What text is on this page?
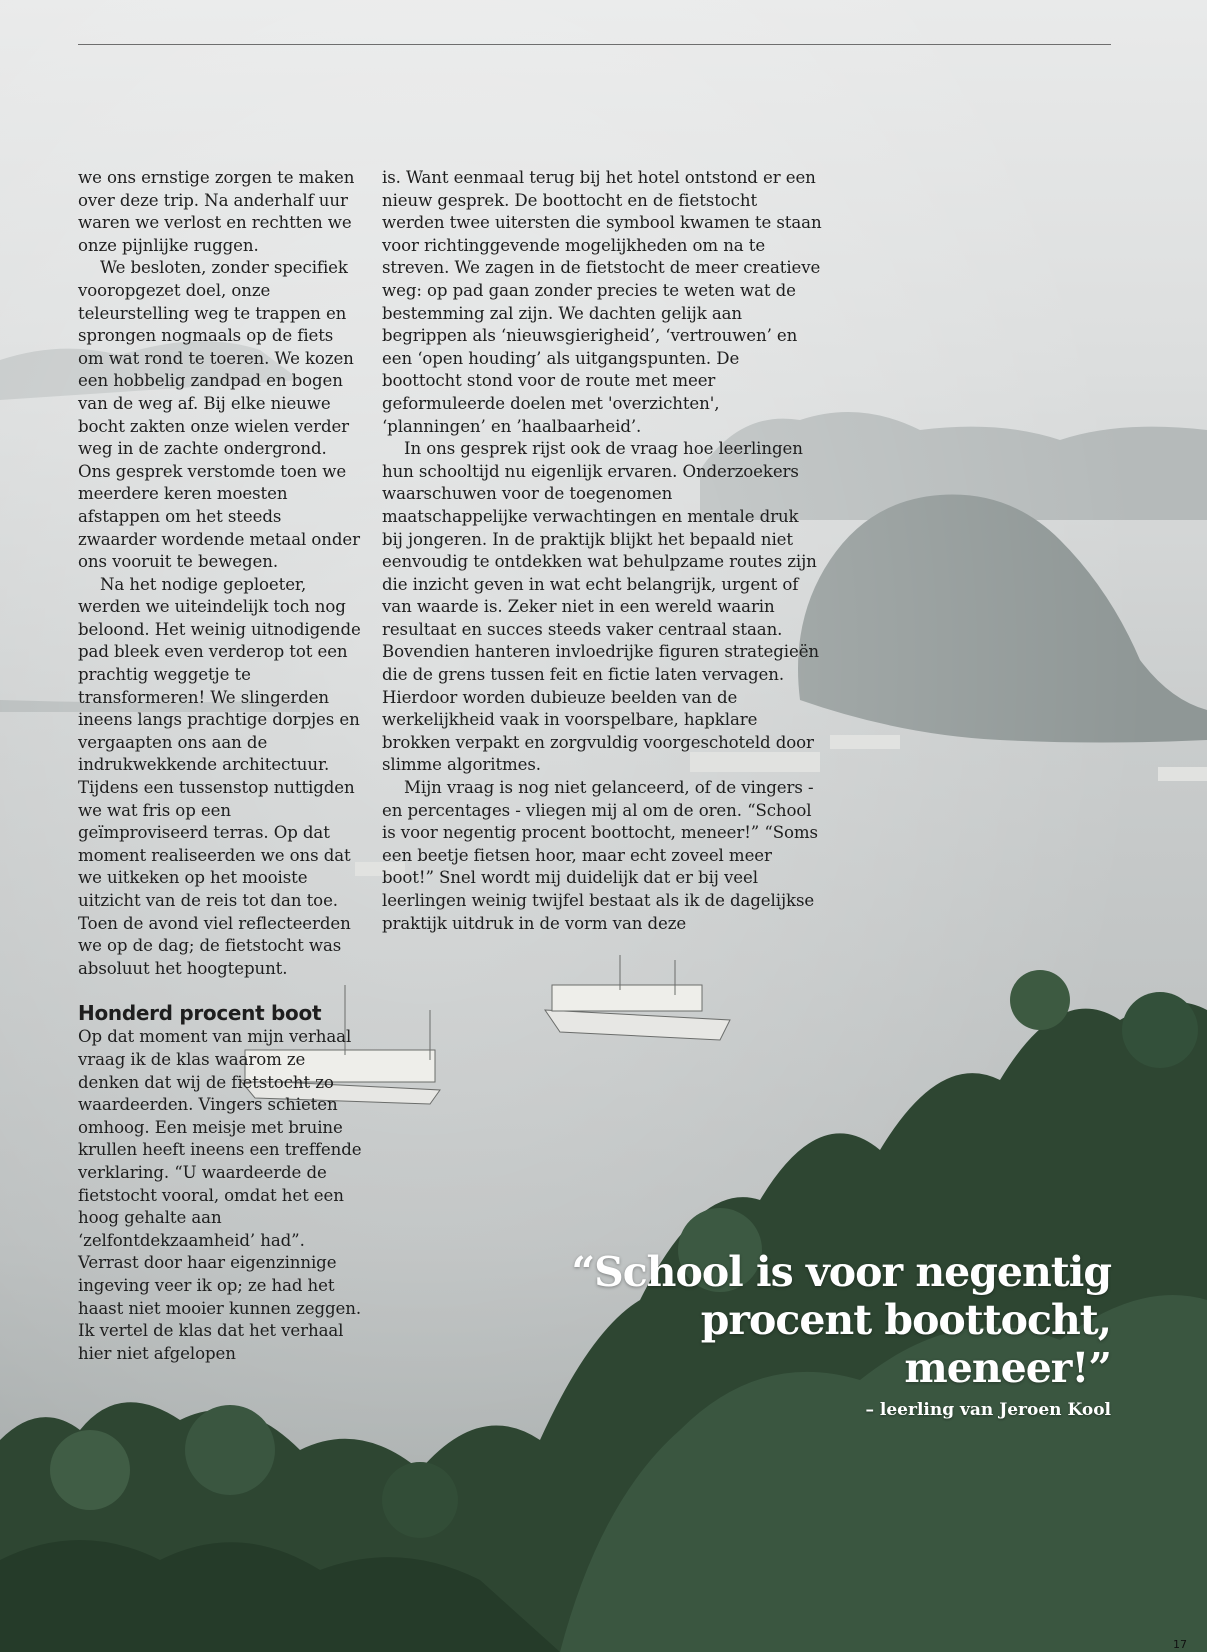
we ons ernstige zorgen te maken over deze trip. Na anderhalf uur waren we verlost en rechtten we onze pijnlijke ruggen.

We besloten, zonder specifiek vooropgezet doel, onze teleurstelling weg te trappen en sprongen nogmaals op de fiets om wat rond te toeren. We kozen een hobbelig zandpad en bogen van de weg af. Bij elke nieuwe bocht zakten onze wielen verder weg in de zachte ondergrond. Ons gesprek verstomde toen we meerdere keren moesten afstappen om het steeds zwaarder wordende metaal onder ons vooruit te bewegen.

Na het nodige geploeter, werden we uiteindelijk toch nog beloond. Het weinig uitnodigende pad bleek even verderop tot een prachtig weggetje te transformeren! We slingerden ineens langs prachtige dorpjes en vergaapten ons aan de indrukwekkende architectuur. Tijdens een tussenstop nuttigden we wat fris op een geïmproviseerd terras. Op dat moment realiseerden we ons dat we uitkeken op het mooiste uitzicht van de reis tot dan toe. Toen de avond viel reflecteerden we op de dag; de fietstocht was absoluut het hoogtepunt.

Honderd procent boot

Op dat moment van mijn verhaal vraag ik de klas waarom ze denken dat wij de fietstocht zo waardeerden. Vingers schieten omhoog. Een meisje met bruine krullen heeft ineens een treffende verklaring. “U waardeerde de fietstocht vooral, omdat het een hoog gehalte aan ‘zelfontdekzaamheid’ had”. Verrast door haar eigenzinnige ingeving veer ik op; ze had het haast niet mooier kunnen zeggen. Ik vertel de klas dat het verhaal hier niet afgelopen

is. Want eenmaal terug bij het hotel ontstond er een nieuw gesprek. De boottocht en de fietstocht werden twee uitersten die symbool kwamen te staan voor richtinggevende mogelijkheden om na te streven. We zagen in de fietstocht de meer creatieve weg: op pad gaan zonder precies te weten wat de bestemming zal zijn. We dachten gelijk aan begrippen als ‘nieuwsgierigheid’, ‘vertrouwen’ en een ‘open houding’ als uitgangspunten. De boottocht stond voor de route met meer geformuleerde doelen met 'overzichten', ‘planningen’ en ’haalbaarheid’.

In ons gesprek rijst ook de vraag hoe leerlingen hun schooltijd nu eigenlijk ervaren. Onderzoekers waarschuwen voor de toegenomen maatschappelijke verwachtingen en mentale druk bij jongeren. In de praktijk blijkt het bepaald niet eenvoudig te ontdekken wat behulpzame routes zijn die inzicht geven in wat echt belangrijk, urgent of van waarde is. Zeker niet in een wereld waarin resultaat en succes steeds vaker centraal staan. Bovendien hanteren invloedrijke figuren strategieën die de grens tussen feit en fictie laten vervagen. Hierdoor worden dubieuze beelden van de werkelijkheid vaak in voorspelbare, hapklare brokken verpakt en zorgvuldig voorgeschoteld door slimme algoritmes.

Mijn vraag is nog niet gelanceerd, of de vingers - en percentages - vliegen mij al om de oren. “School is voor negentig procent boottocht, meneer!” “Soms een beetje fietsen hoor, maar echt zoveel meer boot!” Snel wordt mij duidelijk dat er bij veel leerlingen weinig twijfel bestaat als ik de dagelijkse praktijk uitdruk in de vorm van deze

“School is voor negentig
procent boottocht,
meneer!”
– leerling van Jeroen Kool
17
